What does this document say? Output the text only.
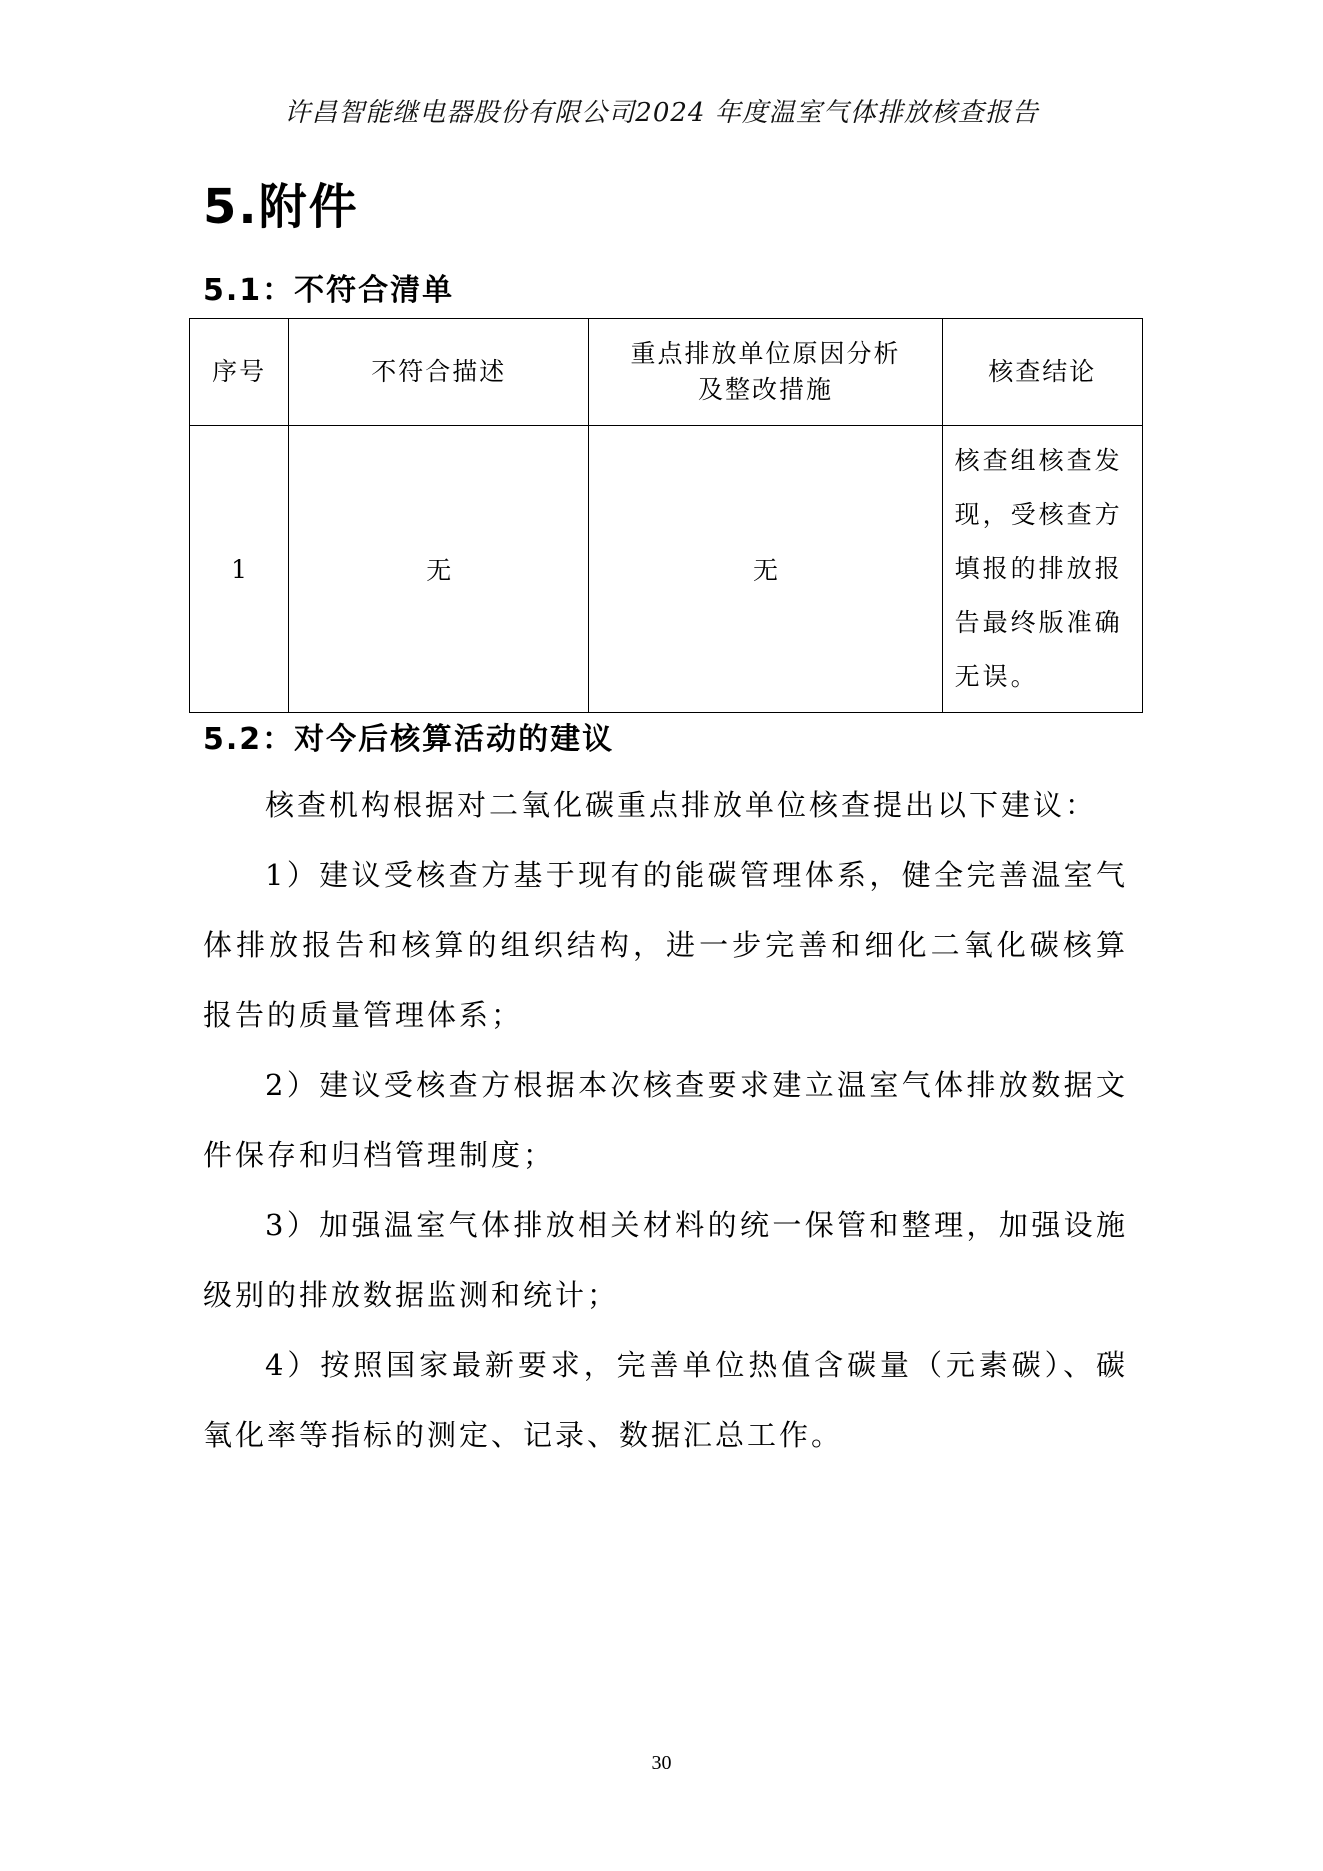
许昌智能继电器股份有限公司2024 年度温室气体排放核查报告
5.附件
5.1：不符合清单
序号	不符合描述	重点排放单位原因分析及整改措施	核查结论
1	无	无	核查组核查发现，受核查方填报的排放报告最终版准确无误。
5.2：对今后核算活动的建议
核查机构根据对二氧化碳重点排放单位核查提出以下建议：
1）建议受核查方基于现有的能碳管理体系，健全完善温室气体排放报告和核算的组织结构，进一步完善和细化二氧化碳核算报告的质量管理体系；
2）建议受核查方根据本次核查要求建立温室气体排放数据文件保存和归档管理制度；
3）加强温室气体排放相关材料的统一保管和整理，加强设施级别的排放数据监测和统计；
4）按照国家最新要求，完善单位热值含碳量（元素碳）、碳氧化率等指标的测定、记录、数据汇总工作。
30
